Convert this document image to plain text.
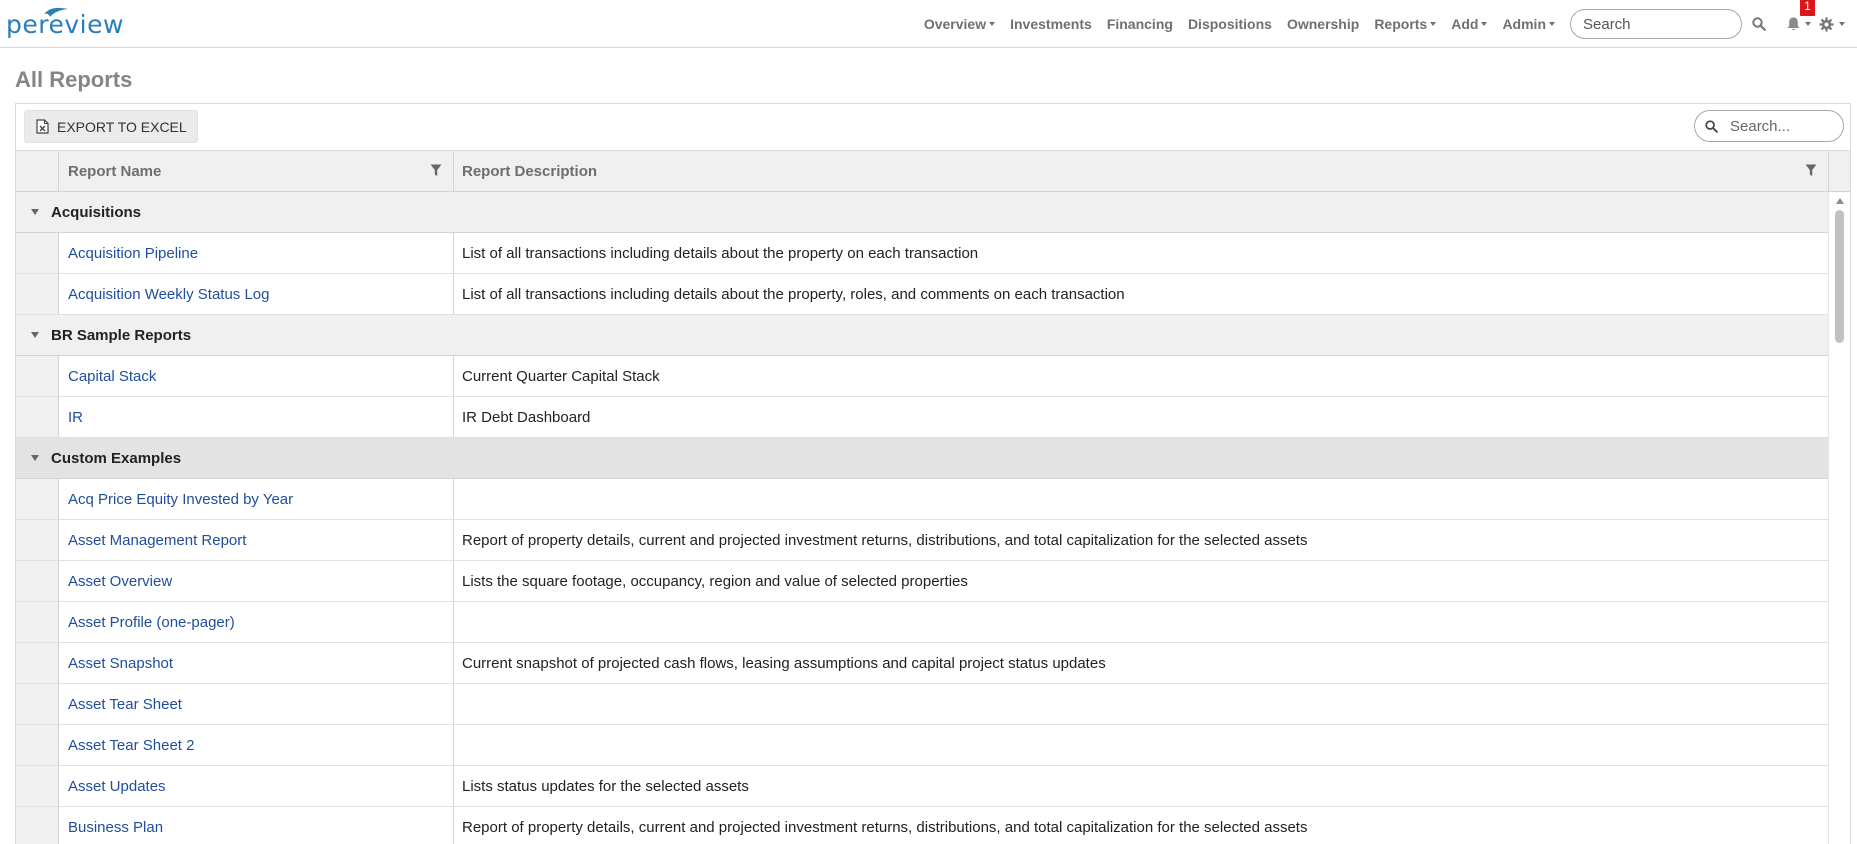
pereview	Overview Investments Financing Dispositions Ownership Reports Add Admin
Search
1
All Reports
EXPORT TO EXCEL
Search...
Report Name	Report Description
Acquisitions
Acquisition Pipeline	List of all transactions including details about the property on each transaction
Acquisition Weekly Status Log	List of all transactions including details about the property, roles, and comments on each transaction
BR Sample Reports
Capital Stack	Current Quarter Capital Stack
IR	IR Debt Dashboard
Custom Examples
Acq Price Equity Invested by Year
Asset Management Report	Report of property details, current and projected investment returns, distributions, and total capitalization for the selected assets
Asset Overview	Lists the square footage, occupancy, region and value of selected properties
Asset Profile (one-pager)
Asset Snapshot	Current snapshot of projected cash flows, leasing assumptions and capital project status updates
Asset Tear Sheet
Asset Tear Sheet 2
Asset Updates	Lists status updates for the selected assets
Business Plan	Report of property details, current and projected investment returns, distributions, and total capitalization for the selected assets
